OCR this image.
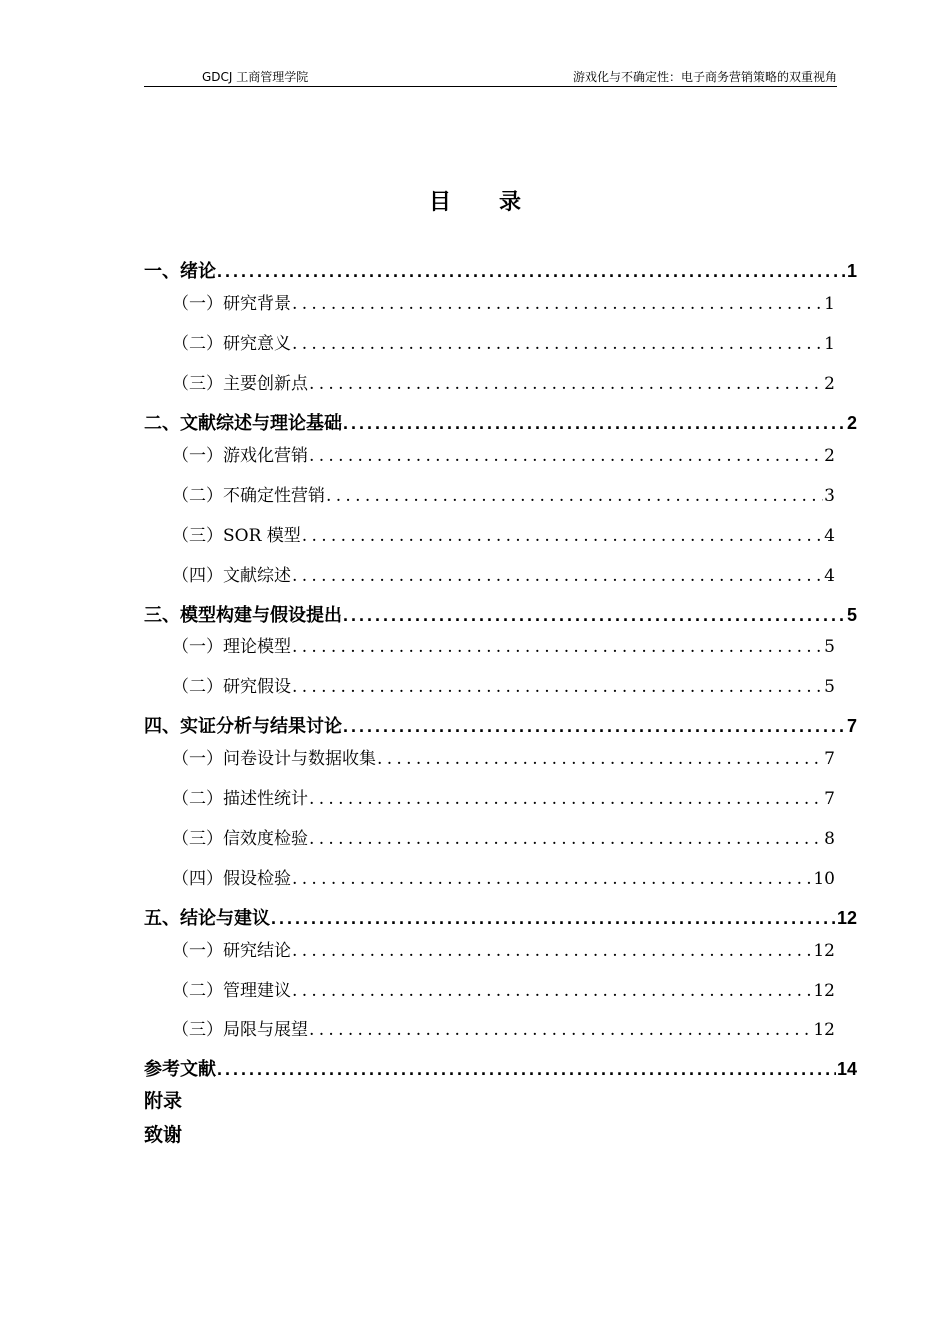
GDCJ 工商管理学院	游戏化与不确定性：电子商务营销策略的双重视角
目 录
一、 绪论 .....	1
（一） 研究背景 .....	1
（二） 研究意义 .....	1
（三） 主要创新点 .....	2
二、 文献综述与理论基础 .....	2
（一） 游戏化营销 .....	2
（二） 不确定性营销 .....	3
（三） SOR 模型 .....	4
（四） 文献综述 .....	4
三、 模型构建与假设提出 .....	5
（一） 理论模型 .....	5
（二） 研究假设 .....	5
四、 实证分析与结果讨论 .....	7
（一） 问卷设计与数据收集 .....	7
（二） 描述性统计 .....	7
（三） 信效度检验 .....	8
（四） 假设检验 .....	10
五、 结论与建议 .....	12
（一） 研究结论 .....	12
（二） 管理建议 .....	12
（三） 局限与展望 .....	12
参考文献 .....	14
附录
致谢
